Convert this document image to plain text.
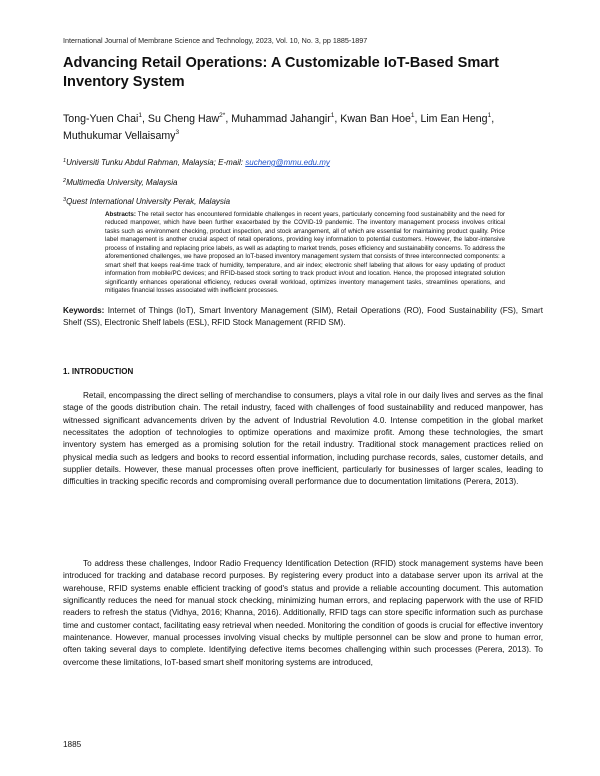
International Journal of Membrane Science and Technology, 2023, Vol. 10, No. 3, pp 1885-1897
Advancing Retail Operations: A Customizable IoT-Based Smart Inventory System
Tong-Yuen Chai$^1$, Su Cheng Haw$^{2*}$, Muhammad Jahangir$^1$, Kwan Ban Hoe$^1$, Lim Ean Heng$^1$, Muthukumar Vellaisamy$^3$
$^1$Universiti Tunku Abdul Rahman, Malaysia; E-mail: sucheng@mmu.edu.my
$^2$Multimedia University, Malaysia
$^3$Quest International University Perak, Malaysia

Abstracts: The retail sector has encountered formidable challenges in recent years, particularly concerning food sustainability and the need for reduced manpower, which have been further exacerbated by the COVID-19 pandemic. The inventory management process involves critical tasks such as environment checking, product inspection, and stock arrangement, all of which are essential for maintaining product quality. Price label management is another crucial aspect of retail operations, providing key information to potential customers. However, the labor-intensive process of installing and replacing price labels, as well as adapting to market trends, poses efficiency and sustainability concerns. To address the aforementioned challenges, we have proposed an IoT-based inventory management system that consists of three interconnected components: a smart shelf that keeps real-time track of humidity, temperature, and air index; electronic shelf labeling that allows for easy updating of product information from mobile/PC devices; and RFID-based stock sorting to track product in/out and location. Hence, the proposed integrated solution significantly enhances operational efficiency, reduces overall workload, optimizes inventory management tasks, streamlines operations, and mitigates financial losses associated with inefficient processes.

Keywords: Internet of Things (IoT), Smart Inventory Management (SIM), Retail Operations (RO), Food Sustainability (FS), Smart Shelf (SS), Electronic Shelf labels (ESL), RFID Stock Management (RFID SM).

1. INTRODUCTION

Retail, encompassing the direct selling of merchandise to consumers, plays a vital role in our daily lives and serves as the final stage of the goods distribution chain. The retail industry, faced with challenges of food sustainability and reduced manpower, has witnessed significant advancements driven by the advent of Industrial Revolution 4.0. Intense competition in the global market necessitates the adoption of technologies to optimize operations and maximize profit. Among these technologies, the smart inventory system has emerged as a promising solution for the retail industry. Traditional stock management practices relied on physical media such as ledgers and books to record essential information, including purchase records, sales, customer details, and supplier details. However, these manual processes often prove inefficient, particularly for businesses of larger scales, leading to difficulties in tracking specific records and compromising overall performance due to documentation limitations (Perera, 2013).

To address these challenges, Indoor Radio Frequency Identification Detection (RFID) stock management systems have been introduced for tracking and database record purposes. By registering every product into a database server upon its arrival at the warehouse, RFID systems enable efficient tracking of good's status and provide a reliable accounting document. This automation significantly reduces the need for manual stock checking, minimizing human errors, and replacing paperwork with the use of RFID readers to refresh the status (Vidhya, 2016; Khanna, 2016). Additionally, RFID tags can store specific information such as purchase time and customer contact, facilitating easy retrieval when needed. Monitoring the condition of goods is crucial for effective inventory maintenance. However, manual processes involving visual checks by multiple personnel can be slow and prone to human error, often taking several days to complete. Identifying defective items becomes challenging within such processes (Perera, 2013). To overcome these limitations, IoT-based smart shelf monitoring systems are introduced,

1885
